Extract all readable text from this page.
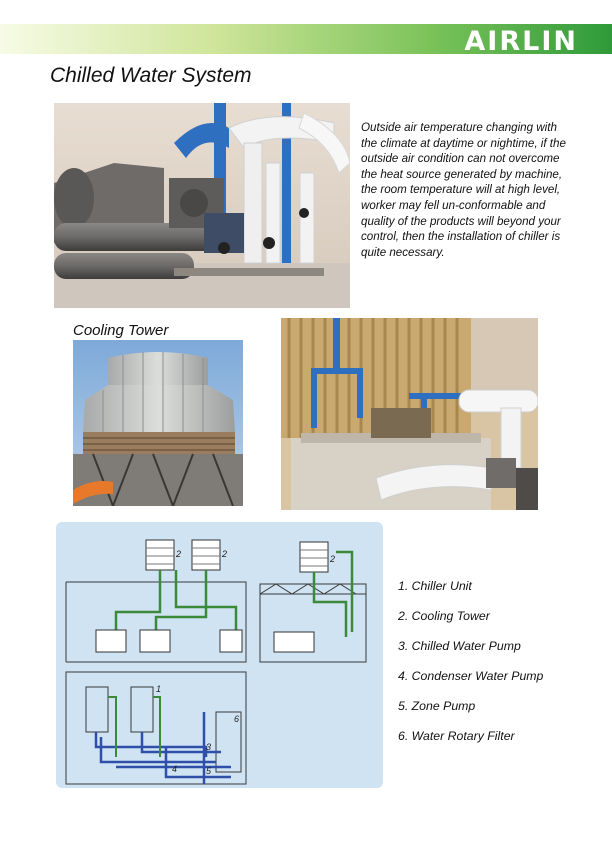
AIRLIN
Chilled Water System
Outside air temperature changing with the climate at daytime or nightime, if the outside air condition can not overcome the heat source generated by machine, the room temperature will at high level, worker may fell un-conformable and quality of the products will beyond your control, then the installation of chiller is quite necessary.
Cooling Tower
2	2	2
1
3
4	5
6
1. Chiller Unit
2. Cooling Tower
3. Chilled Water Pump
4. Condenser Water Pump
5. Zone Pump
6. Water Rotary Filter
